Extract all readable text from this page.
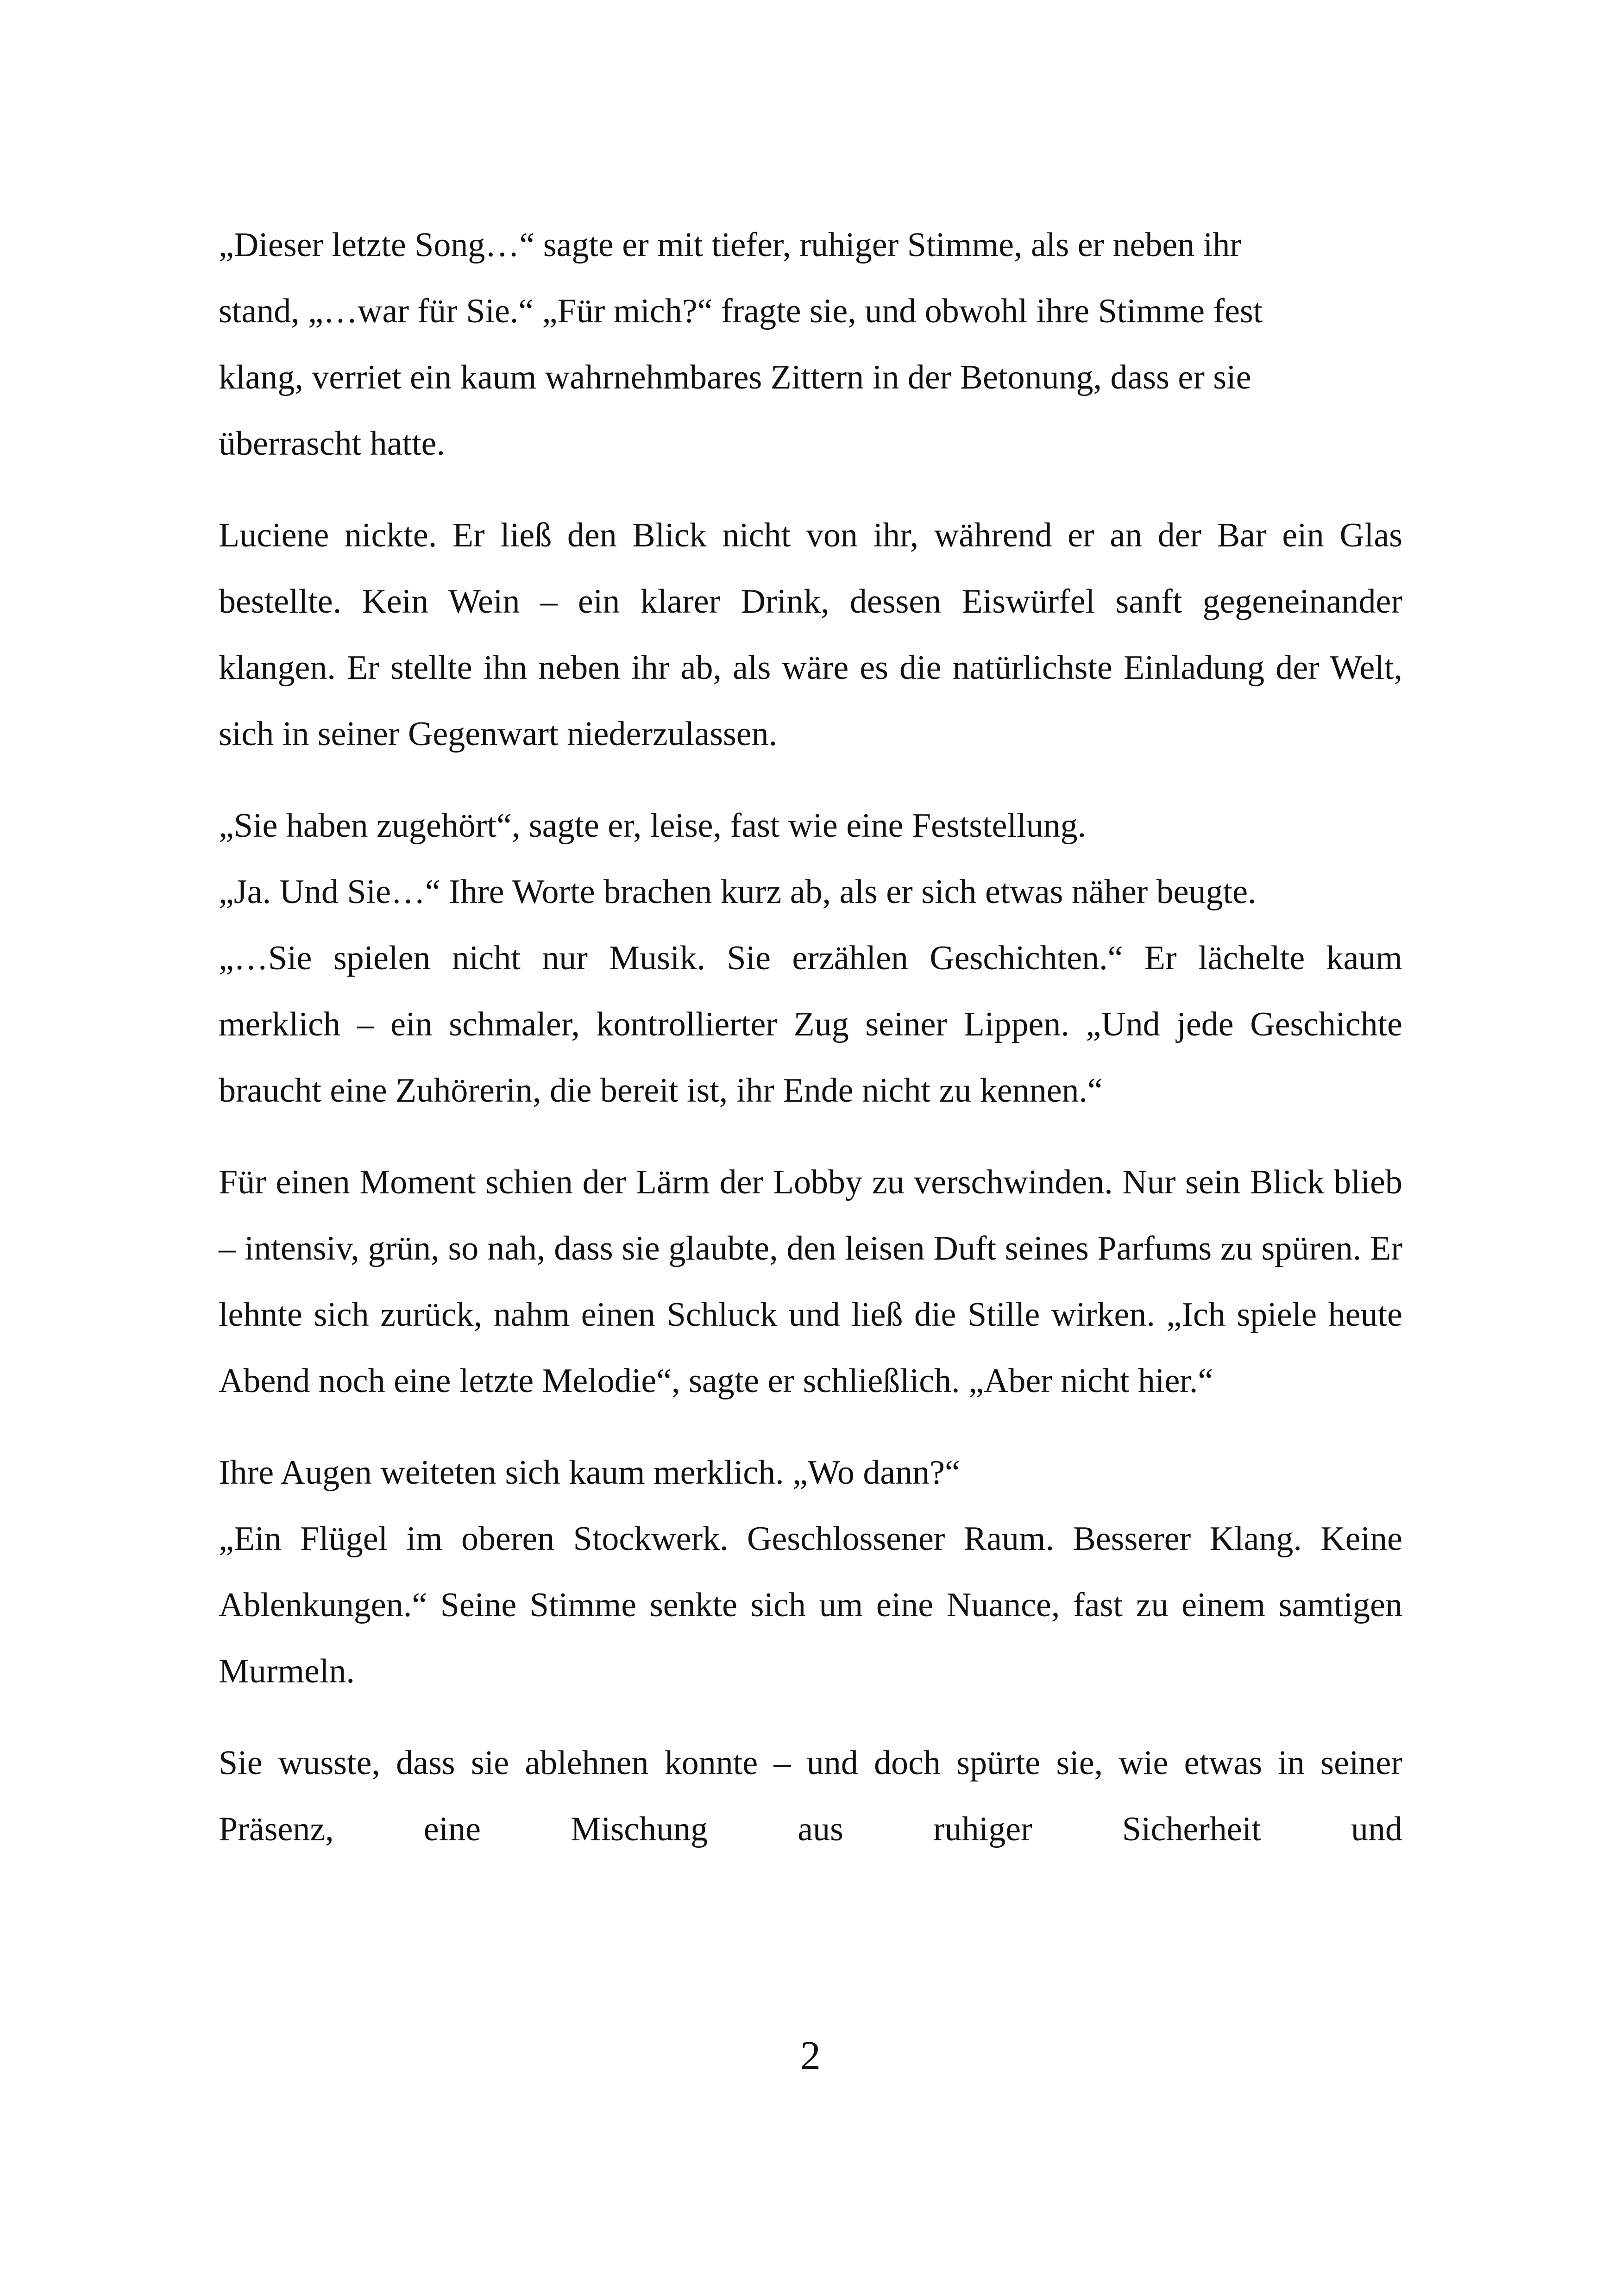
„Dieser letzte Song…“ sagte er mit tiefer, ruhiger Stimme, als er neben ihr
stand, „…war für Sie.“ „Für mich?“ fragte sie, und obwohl ihre Stimme fest
klang, verriet ein kaum wahrnehmbares Zittern in der Betonung, dass er sie
überrascht hatte.

Luciene nickte. Er ließ den Blick nicht von ihr, während er an der Bar ein Glas bestellte. Kein Wein – ein klarer Drink, dessen Eiswürfel sanft gegeneinander klangen. Er stellte ihn neben ihr ab, als wäre es die natürlichste Einladung der Welt, sich in seiner Gegenwart niederzulassen.

„Sie haben zugehört“, sagte er, leise, fast wie eine Feststellung.
„Ja. Und Sie…“ Ihre Worte brachen kurz ab, als er sich etwas näher beugte.
„…Sie spielen nicht nur Musik. Sie erzählen Geschichten.“ Er lächelte kaum merklich – ein schmaler, kontrollierter Zug seiner Lippen. „Und jede Geschichte braucht eine Zuhörerin, die bereit ist, ihr Ende nicht zu kennen.“

Für einen Moment schien der Lärm der Lobby zu verschwinden. Nur sein Blick blieb – intensiv, grün, so nah, dass sie glaubte, den leisen Duft seines Parfums zu spüren. Er lehnte sich zurück, nahm einen Schluck und ließ die Stille wirken. „Ich spiele heute Abend noch eine letzte Melodie“, sagte er schließlich. „Aber nicht hier.“

Ihre Augen weiteten sich kaum merklich. „Wo dann?“
„Ein Flügel im oberen Stockwerk. Geschlossener Raum. Besserer Klang. Keine Ablenkungen.“ Seine Stimme senkte sich um eine Nuance, fast zu einem samtigen Murmeln.

Sie wusste, dass sie ablehnen konnte – und doch spürte sie, wie etwas in seiner Präsenz, eine Mischung aus ruhiger Sicherheit und

2
